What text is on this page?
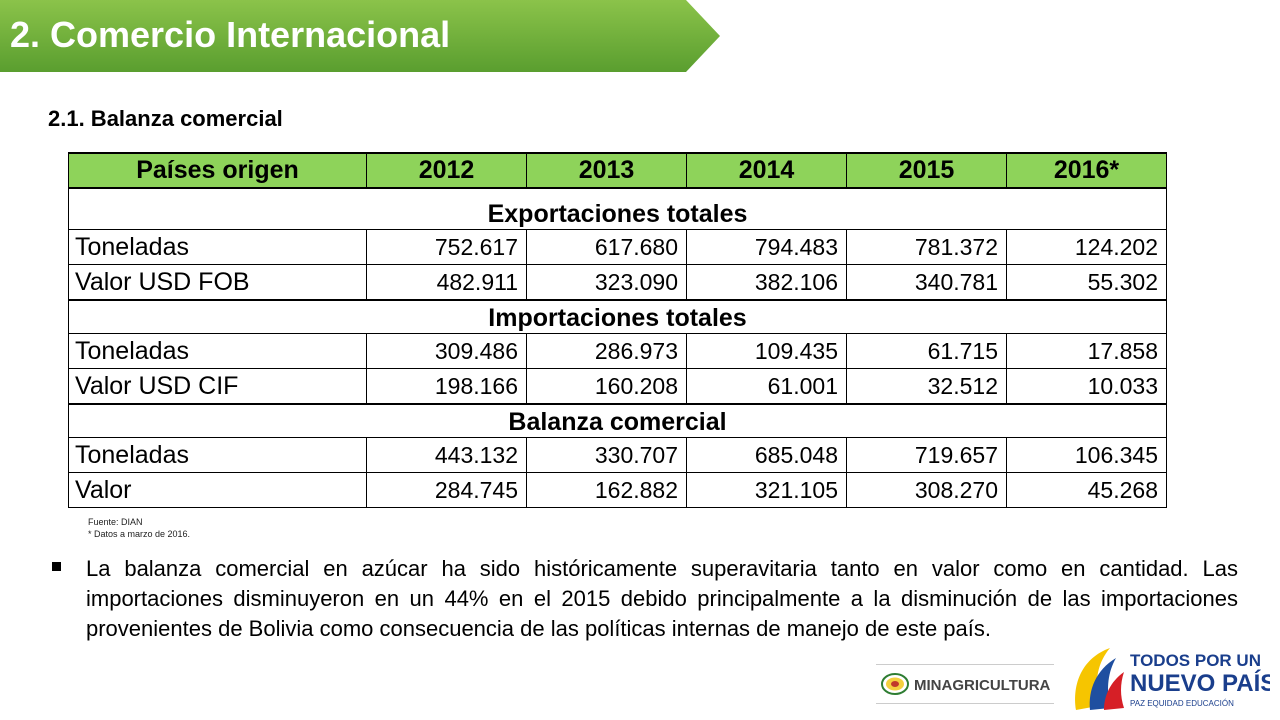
2. Comercio Internacional
2.1. Balanza comercial
Países origen	2012	2013	2014	2015	2016*
Exportaciones totales					
Toneladas	752.617	617.680	794.483	781.372	124.202
Valor USD FOB	482.911	323.090	382.106	340.781	55.302
Importaciones totales					
Toneladas	309.486	286.973	109.435	61.715	17.858
Valor USD CIF	198.166	160.208	61.001	32.512	10.033
Balanza comercial					
Toneladas	443.132	330.707	685.048	719.657	106.345
Valor	284.745	162.882	321.105	308.270	45.268
Fuente: DIAN
* Datos a marzo de 2016.
La balanza comercial en azúcar ha sido históricamente superavitaria tanto en valor como en cantidad. Las importaciones disminuyeron en un 44% en el 2015 debido principalmente a la disminución de las importaciones provenientes de Bolivia como consecuencia de las políticas internas de manejo de este país.
MINAGRICULTURA
TODOS POR UN
NUEVO PAÍS
PAZ EQUIDAD EDUCACIÓN
